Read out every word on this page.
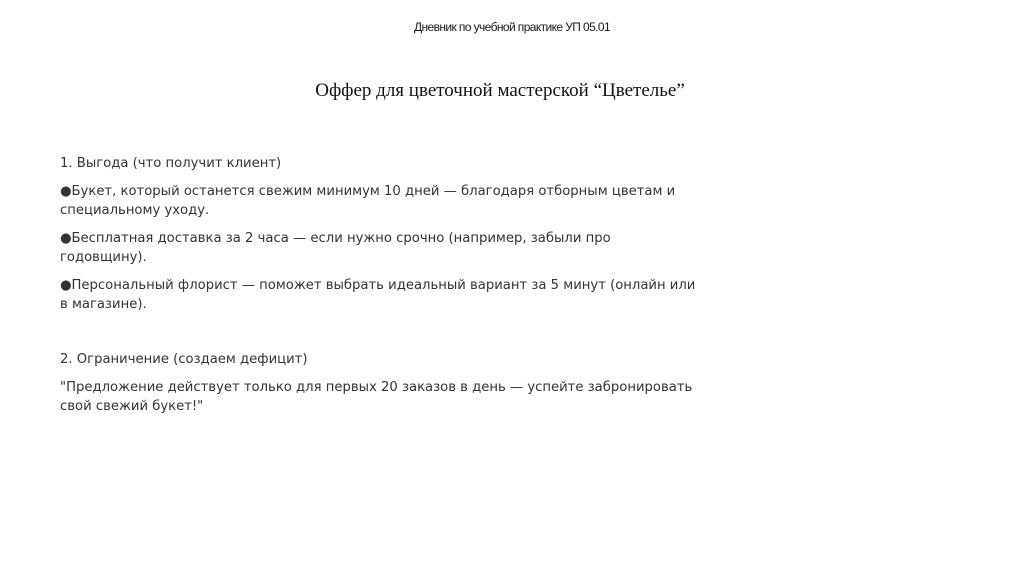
Дневник по учебной практике УП 05.01
Оффер для цветочной мастерской “Цветелье”

1. Выгода (что получит клиент)

●Букет, который останется свежим минимум 10 дней — благодаря отборным цветам и специальному уходу.

●Бесплатная доставка за 2 часа — если нужно срочно (например, забыли про годовщину).

●Персональный флорист — поможет выбрать идеальный вариант за 5 минут (онлайн или в магазине).

2. Ограничение (создаем дефицит)

"Предложение действует только для первых 20 заказов в день — успейте забронировать свой свежий букет!"
